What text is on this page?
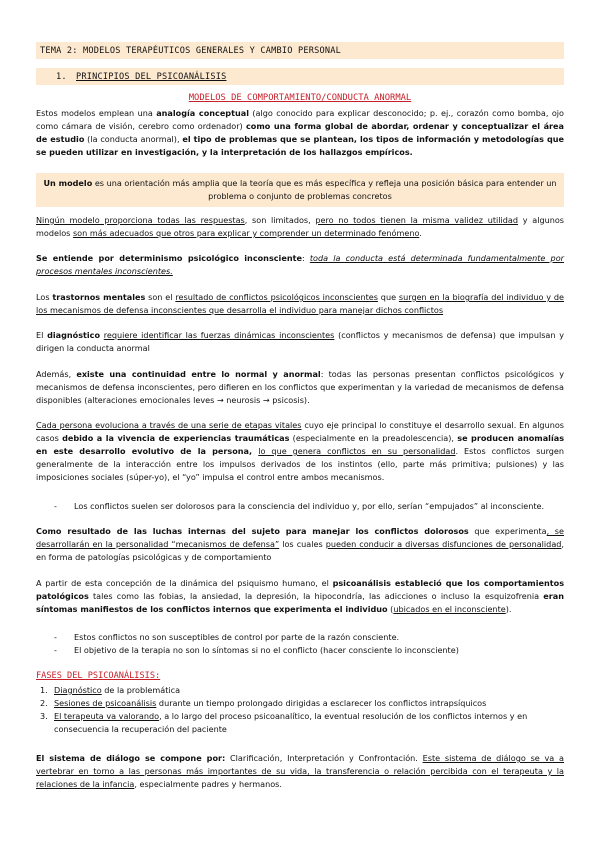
TEMA 2: MODELOS TERAPÉUTICOS GENERALES Y CAMBIO PERSONAL
1. PRINCIPIOS DEL PSICOANÁLISIS
MODELOS DE COMPORTAMIENTO/CONDUCTA ANORMAL

Estos modelos emplean una analogía conceptual (algo conocido para explicar desconocido; p. ej., corazón como bomba, ojo como cámara de visión, cerebro como ordenador) como una forma global de abordar, ordenar y conceptualizar el área de estudio (la conducta anormal), el tipo de problemas que se plantean, los tipos de información y metodologías que se pueden utilizar en investigación, y la interpretación de los hallazgos empíricos.

Un modelo es una orientación más amplia que la teoría que es más específica y refleja una posición básica para entender un problema o conjunto de problemas concretos

Ningún modelo proporciona todas las respuestas, son limitados, pero no todos tienen la misma validez utilidad y algunos modelos son más adecuados que otros para explicar y comprender un determinado fenómeno.

Se entiende por determinismo psicológico inconsciente: toda la conducta está determinada fundamentalmente por procesos mentales inconscientes.

Los trastornos mentales son el resultado de conflictos psicológicos inconscientes que surgen en la biografía del individuo y de los mecanismos de defensa inconscientes que desarrolla el individuo para manejar dichos conflictos

El diagnóstico requiere identificar las fuerzas dinámicas inconscientes (conflictos y mecanismos de defensa) que impulsan y dirigen la conducta anormal

Además, existe una continuidad entre lo normal y anormal: todas las personas presentan conflictos psicológicos y mecanismos de defensa inconscientes, pero difieren en los conflictos que experimentan y la variedad de mecanismos de defensa disponibles (alteraciones emocionales leves → neurosis → psicosis).

Cada persona evoluciona a través de una serie de etapas vitales cuyo eje principal lo constituye el desarrollo sexual. En algunos casos debido a la vivencia de experiencias traumáticas (especialmente en la preadolescencia), se producen anomalías en este desarrollo evolutivo de la persona, lo que genera conflictos en su personalidad. Estos conflictos surgen generalmente de la interacción entre los impulsos derivados de los instintos (ello, parte más primitiva; pulsiones) y las imposiciones sociales (súper-yo), el “yo” impulsa el control entre ambos mecanismos.

- Los conflictos suelen ser dolorosos para la consciencia del individuo y, por ello, serían “empujados” al inconsciente.

Como resultado de las luchas internas del sujeto para manejar los conflictos dolorosos que experimenta, se desarrollarán en la personalidad “mecanismos de defensa” los cuales pueden conducir a diversas disfunciones de personalidad, en forma de patologías psicológicas y de comportamiento

A partir de esta concepción de la dinámica del psiquismo humano, el psicoanálisis estableció que los comportamientos patológicos tales como las fobias, la ansiedad, la depresión, la hipocondría, las adicciones o incluso la esquizofrenia eran síntomas manifiestos de los conflictos internos que experimenta el individuo (ubicados en el inconsciente).

- Estos conflictos no son susceptibles de control por parte de la razón consciente.
- El objetivo de la terapia no son lo síntomas si no el conflicto (hacer consciente lo inconsciente)
FASES DEL PSICOANÁLISIS:
1. Diagnóstico de la problemática
2. Sesiones de psicoanálisis durante un tiempo prolongado dirigidas a esclarecer los conflictos intrapsíquicos
3. El terapeuta va valorando, a lo largo del proceso psicoanalítico, la eventual resolución de los conflictos internos y en consecuencia la recuperación del paciente

El sistema de diálogo se compone por: Clarificación, Interpretación y Confrontación. Este sistema de diálogo se va a vertebrar en torno a las personas más importantes de su vida, la transferencia o relación percibida con el terapeuta y la relaciones de la infancia, especialmente padres y hermanos.
